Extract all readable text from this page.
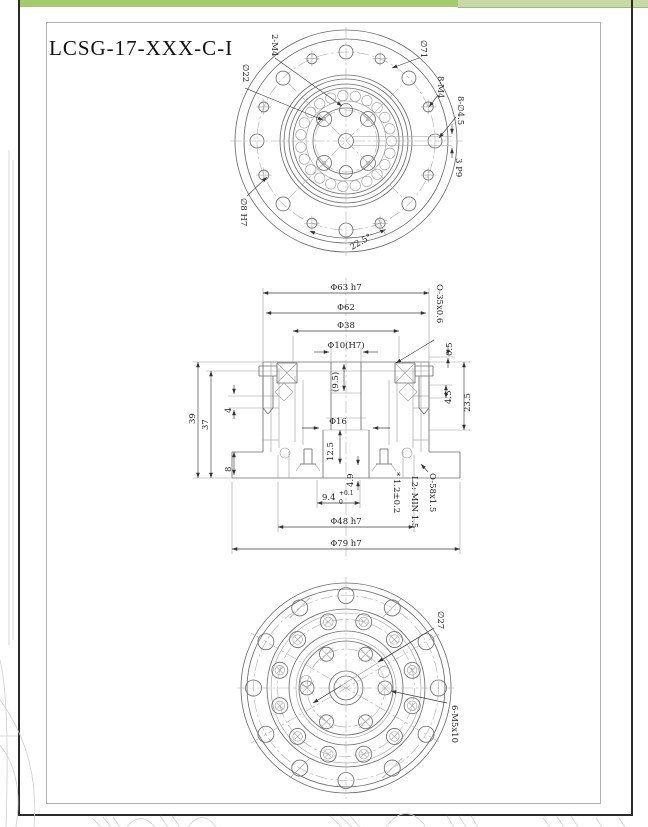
LCSG-17-XXX-C-I	2-M4
∅22
∅71
8-M4
8-∅4.5
3 P9
∅8 H7
22.5°
Φ63 h7
Φ62
Φ38
Φ10(H7)
O-35x0.6
0.5
4.5 23.5
39
37
4
8
(9.5)
Φ16
12.5
4.9
9.4 +0.1
0	* 1.2±0.2 L2: MIN 1.5 O-58x1.5
Φ48 h7
Φ79 h7
∅27
6-M5x10
